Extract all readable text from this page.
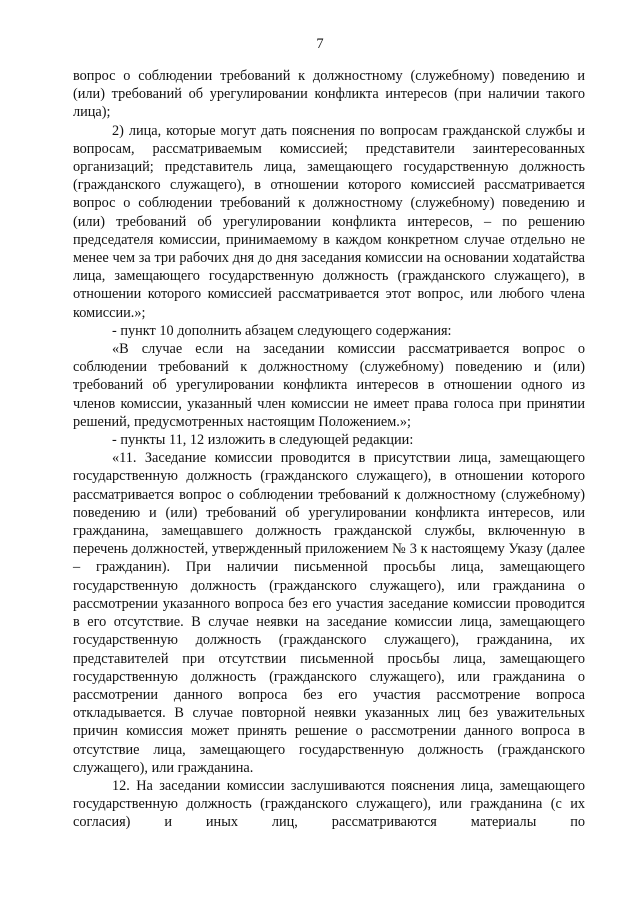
7

вопрос о соблюдении требований к должностному (служебному) поведению и (или) требований об урегулировании конфликта интересов (при наличии такого лица);

2) лица, которые могут дать пояснения по вопросам гражданской службы и вопросам, рассматриваемым комиссией; представители заинтересованных организаций; представитель лица, замещающего государственную должность (гражданского служащего), в отношении которого комиссией рассматривается вопрос о соблюдении требований к должностному (служебному) поведению и (или) требований об урегулировании конфликта интересов, – по решению председателя комиссии, принимаемому в каждом конкретном случае отдельно не менее чем за три рабочих дня до дня заседания комиссии на основании ходатайства лица, замещающего государственную должность (гражданского служащего), в отношении которого комиссией рассматривается этот вопрос, или любого члена комиссии.»;

- пункт 10 дополнить абзацем следующего содержания:

«В случае если на заседании комиссии рассматривается вопрос о соблюдении требований к должностному (служебному) поведению и (или) требований об урегулировании конфликта интересов в отношении одного из членов комиссии, указанный член комиссии не имеет права голоса при принятии решений, предусмотренных настоящим Положением.»;

- пункты 11, 12 изложить в следующей редакции:

«11. Заседание комиссии проводится в присутствии лица, замещающего государственную должность (гражданского служащего), в отношении которого рассматривается вопрос о соблюдении требований к должностному (служебному) поведению и (или) требований об урегулировании конфликта интересов, или гражданина, замещавшего должность гражданской службы, включенную в перечень должностей, утвержденный приложением № 3 к настоящему Указу (далее – гражданин). При наличии письменной просьбы лица, замещающего государственную должность (гражданского служащего), или гражданина о рассмотрении указанного вопроса без его участия заседание комиссии проводится в его отсутствие. В случае неявки на заседание комиссии лица, замещающего государственную должность (гражданского служащего), гражданина, их представителей при отсутствии письменной просьбы лица, замещающего государственную должность (гражданского служащего), или гражданина о рассмотрении данного вопроса без его участия рассмотрение вопроса откладывается. В случае повторной неявки указанных лиц без уважительных причин комиссия может принять решение о рассмотрении данного вопроса в отсутствие лица, замещающего государственную должность (гражданского служащего), или гражданина.

12. На заседании комиссии заслушиваются пояснения лица, замещающего государственную должность (гражданского служащего), или гражданина (с их согласия) и иных лиц, рассматриваются материалы по
